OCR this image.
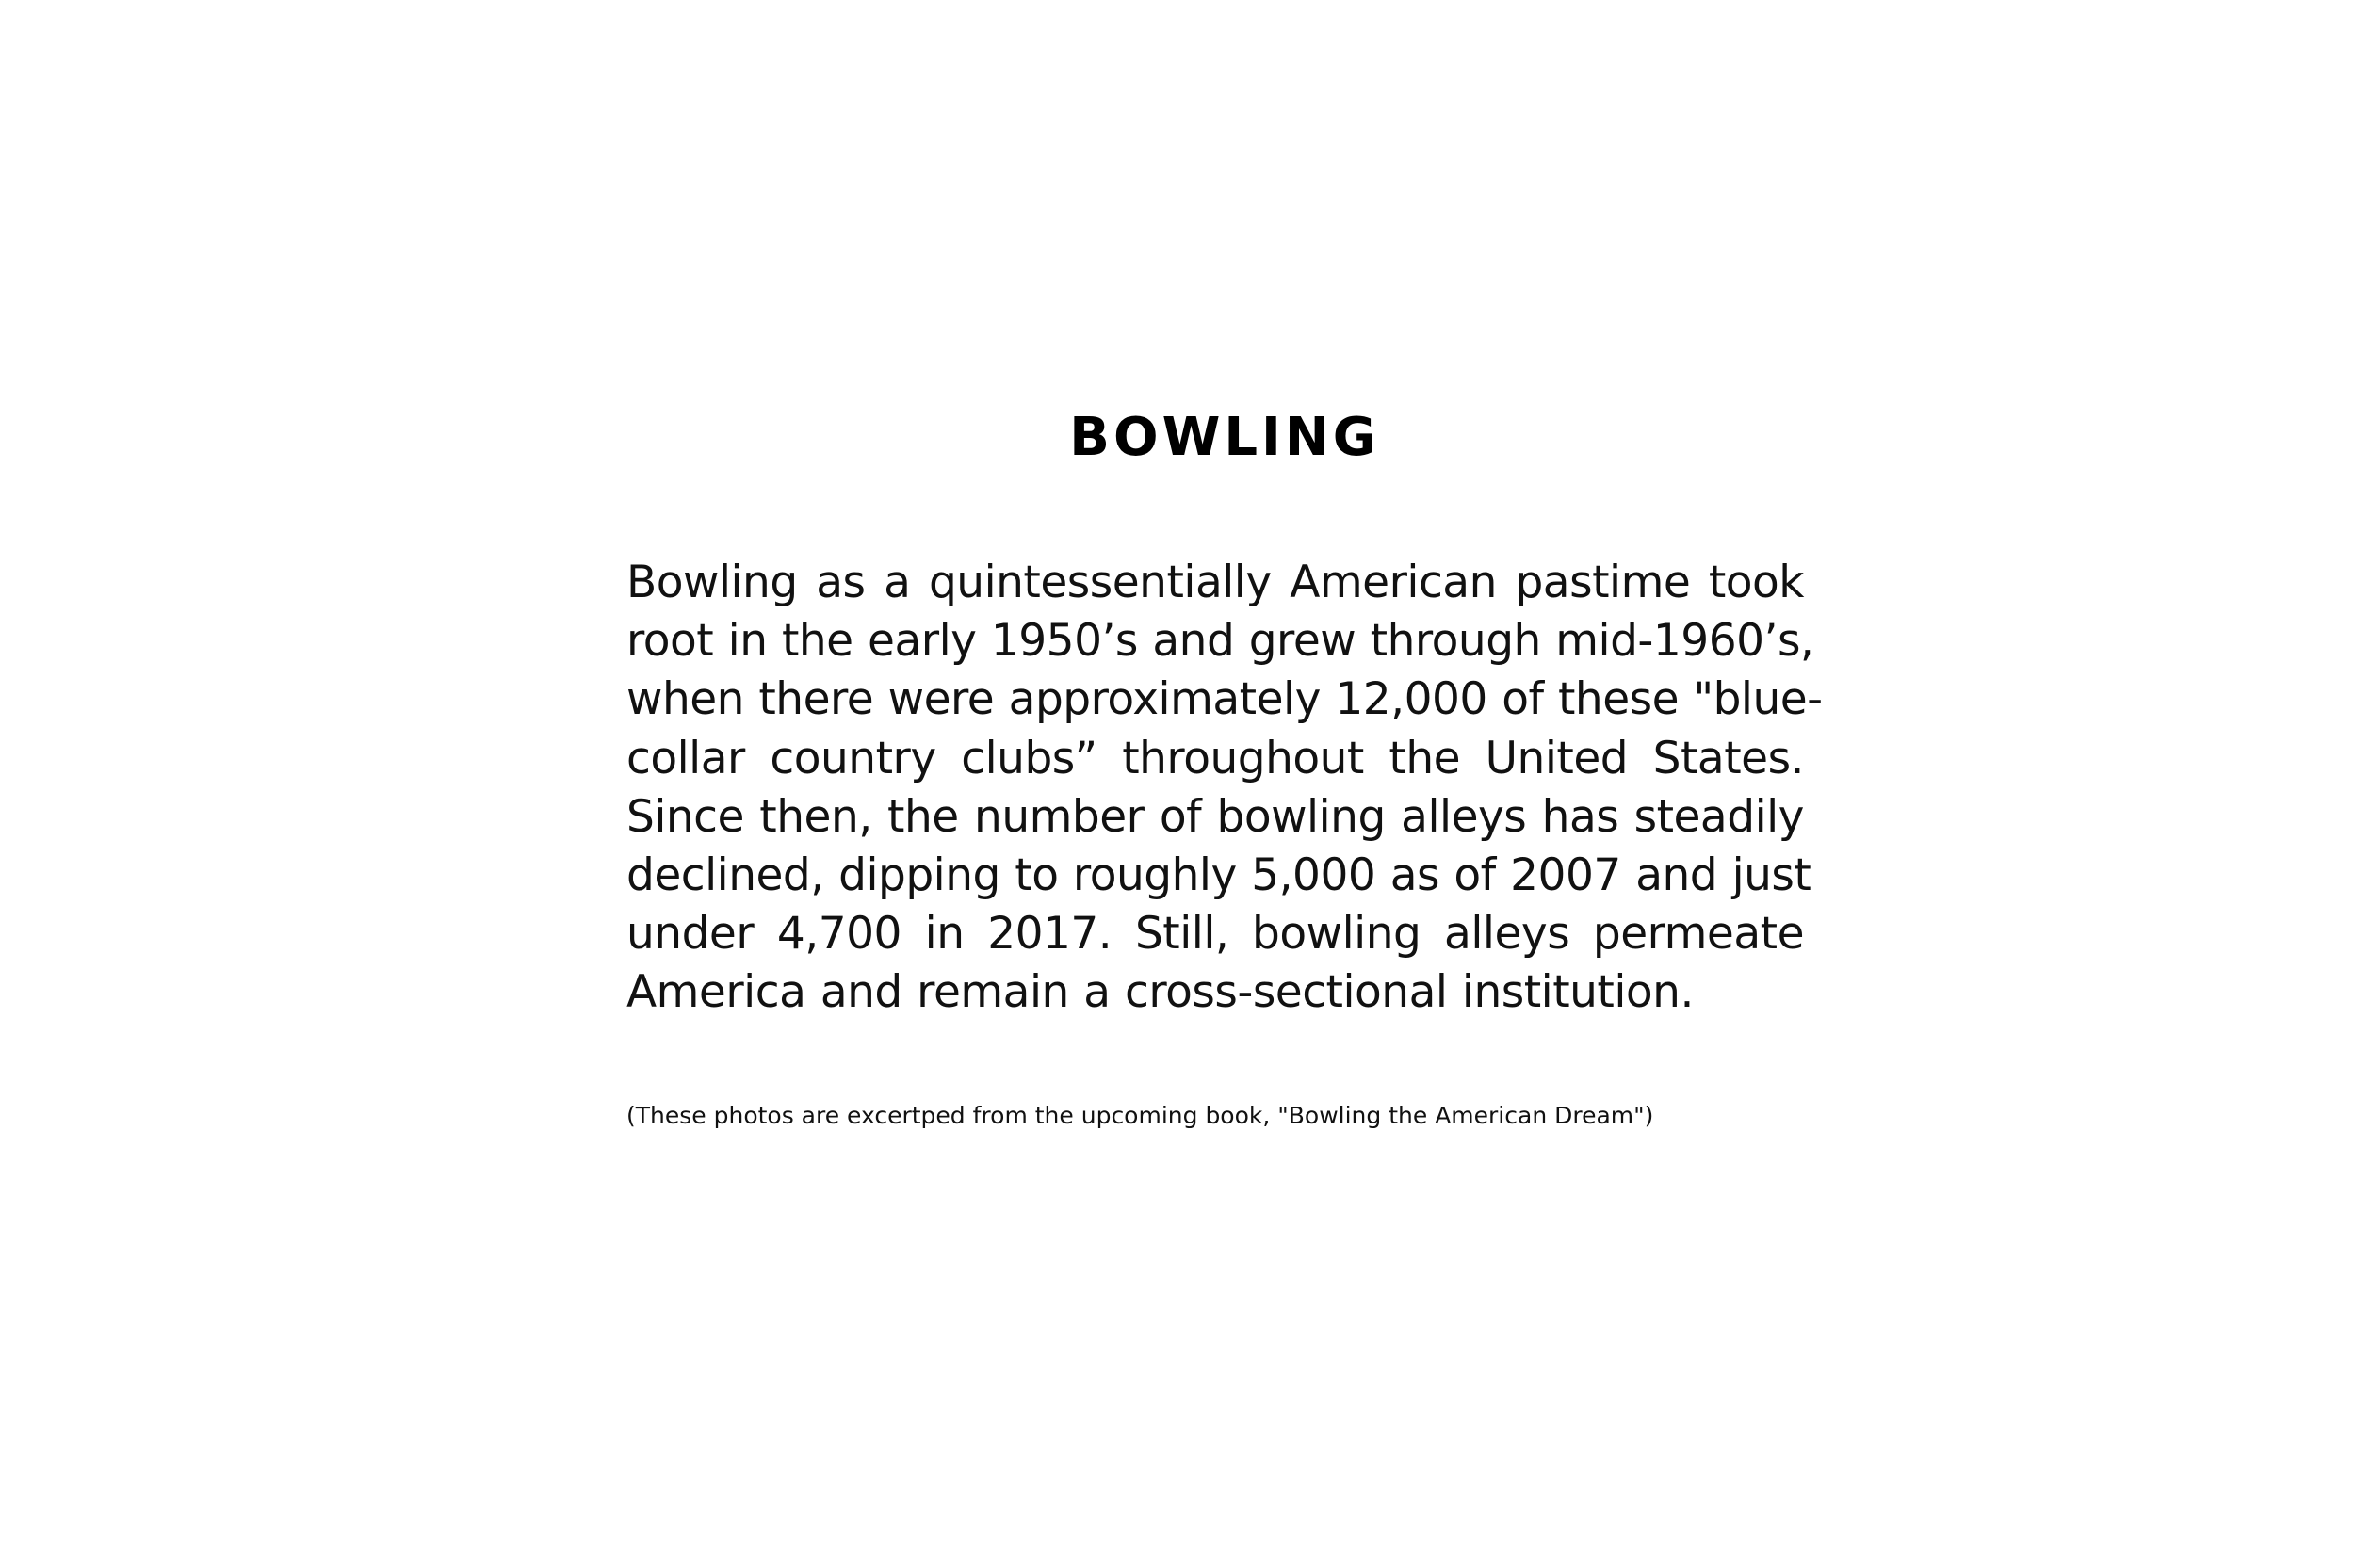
BOWLING
Bowling as a quintessentially American pastime took
root in the early 1950’s and grew through mid-1960’s,
when there were approximately 12,000 of these "blue-
collar country clubs” throughout the United States.
Since then, the number of bowling alleys has steadily
declined, dipping to roughly 5,000 as of 2007 and just
under 4,700 in 2017. Still, bowling alleys permeate
America and remain a cross-sectional institution.

(These photos are excertped from the upcoming book, "Bowling the American Dream")
